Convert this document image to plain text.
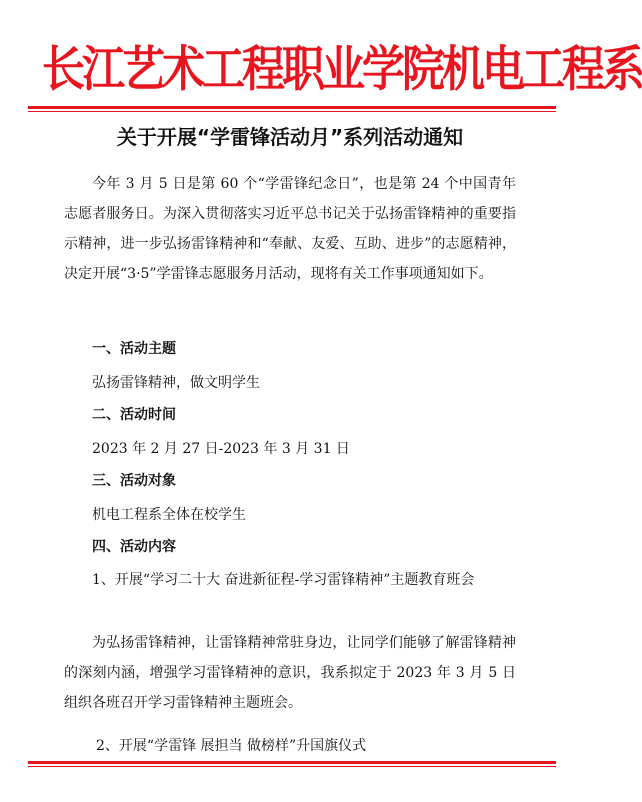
长江艺术工程职业学院机电工程系
关于开展“学雷锋活动月”系列活动通知
今年 3 月 5 日是第 60 个“学雷锋纪念日”，也是第 24 个中国青年志愿者服务日。为深入贯彻落实习近平总书记关于弘扬雷锋精神的重要指示精神，进一步弘扬雷锋精神和“奉献、友爱、互助、进步”的志愿精神，决定开展“3·5”学雷锋志愿服务月活动，现将有关工作事项通知如下。
一、活动主题
弘扬雷锋精神，做文明学生
二、活动时间
2023 年 2 月 27 日-2023 年 3 月 31 日
三、活动对象
机电工程系全体在校学生
四、活动内容
1、开展“学习二十大 奋进新征程-学习雷锋精神”主题教育班会
为弘扬雷锋精神，让雷锋精神常驻身边，让同学们能够了解雷锋精神的深刻内涵，增强学习雷锋精神的意识，我系拟定于 2023 年 3 月 5 日组织各班召开学习雷锋精神主题班会。
2、开展“学雷锋 展担当 做榜样”升国旗仪式
